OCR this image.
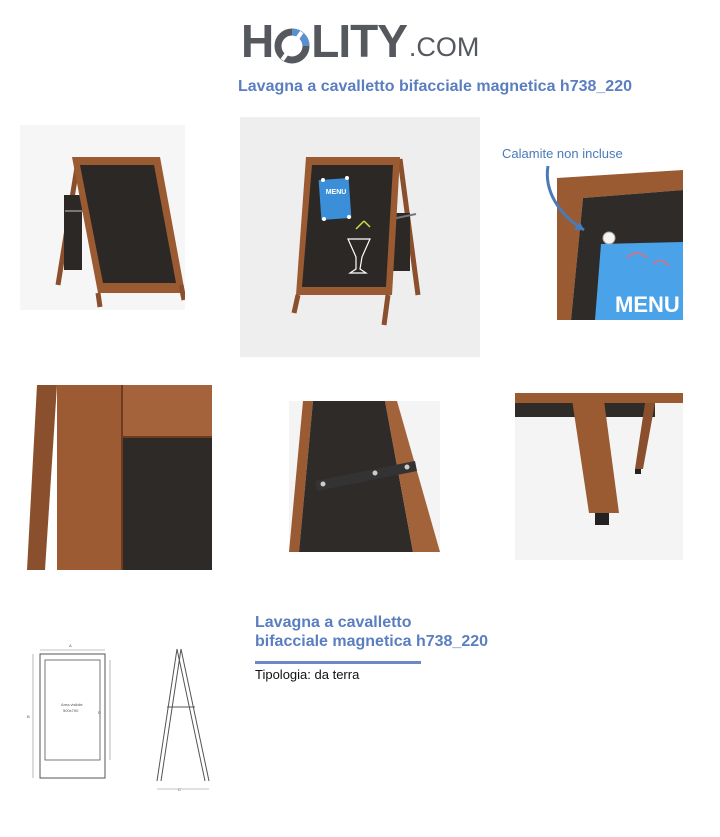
H LITY .COM
Lavagna a cavalletto bifacciale magnetica h738_220
MENU
Calamite non incluse
MENU
A
B
D
Area visibile
500x700
C
Lavagna a cavalletto
bifacciale magnetica h738_220
Tipologia: da terra
